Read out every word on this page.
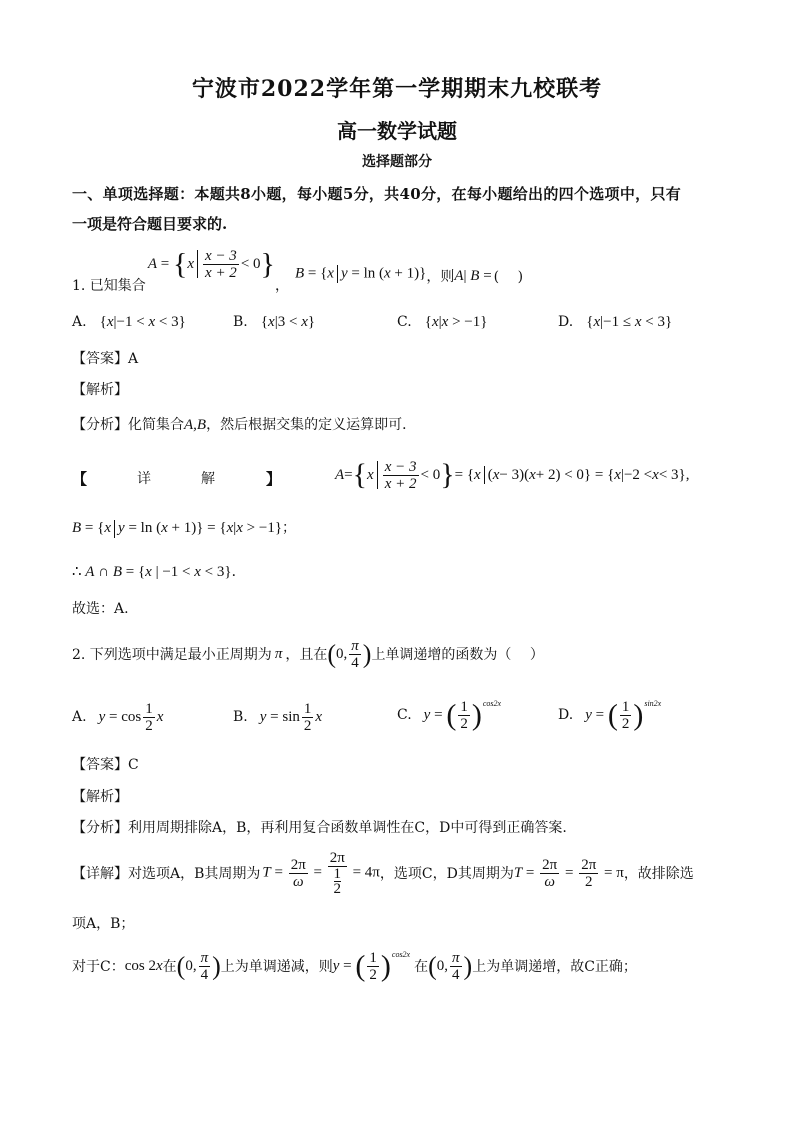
宁波市2022学年第一学期期末九校联考
高一数学试题
选择题部分
一、单项选择题：本题共8小题，每小题5分，共40分，在每小题给出的四个选项中，只有
一项是符合题目要求的.
1. 已知集合
$A = \{x \frac{x - 3}{x + 2} < 0\}$
，
B = {x y = ln (x + 1)} ，则 A| B = (　 )
A. {x|−1 < x < 3}	B. {x|3 < x}	C. {x|x > −1}	D. {x|−1 ≤ x < 3}
【答案】A
【解析】
【分析】化简集合A,B，然后根据交集的定义运算即可．
【	详	解	】	A = { x $\frac{x - 3}{x + 2} < 0$ } = { x ( x − 3)( x + 2) < 0} = { x |−2 < x < 3},
B = {x y = ln (x + 1)} = {x|x > −1}；
∴ A ∩ B = {x | −1 < x < 3}．
故选：A.
2. 下列选项中满足最小正周期为 π ，且在 (0, $\frac{\pi}{4}$ ) 上单调递增的函数为（　 ）
A. $y = \cos \frac{1}{2}$ x	B. $y = \sin \frac{1}{2}$ x	C. y = ( $\frac{1}{2} )^{cos2x}$
D. y = ( $\frac{1}{2} )^{sin2x}$
【答案】C
【解析】
【分析】利用周期排除A，B，再利用复合函数单调性在C，D中可得到正确答案.
【详解】对选项A，B其周期为 $T = \frac{2\pi}{\omega} = 2\pi$
1
2 = 4π ，选项C，D其周期为 $T = \frac{2\pi}{\omega} = \frac{2\pi}{2} = \pi$ ，故排除选
项A，B；
对于C： cos 2x 在 (0, $\frac{\pi}{4}$ ) 上为单调递减，则 y = ( $\frac{1}{2} )^{cos2x}$
在 (0, $\frac{\pi}{4}$ ) 上为单调递增，故C正确；
